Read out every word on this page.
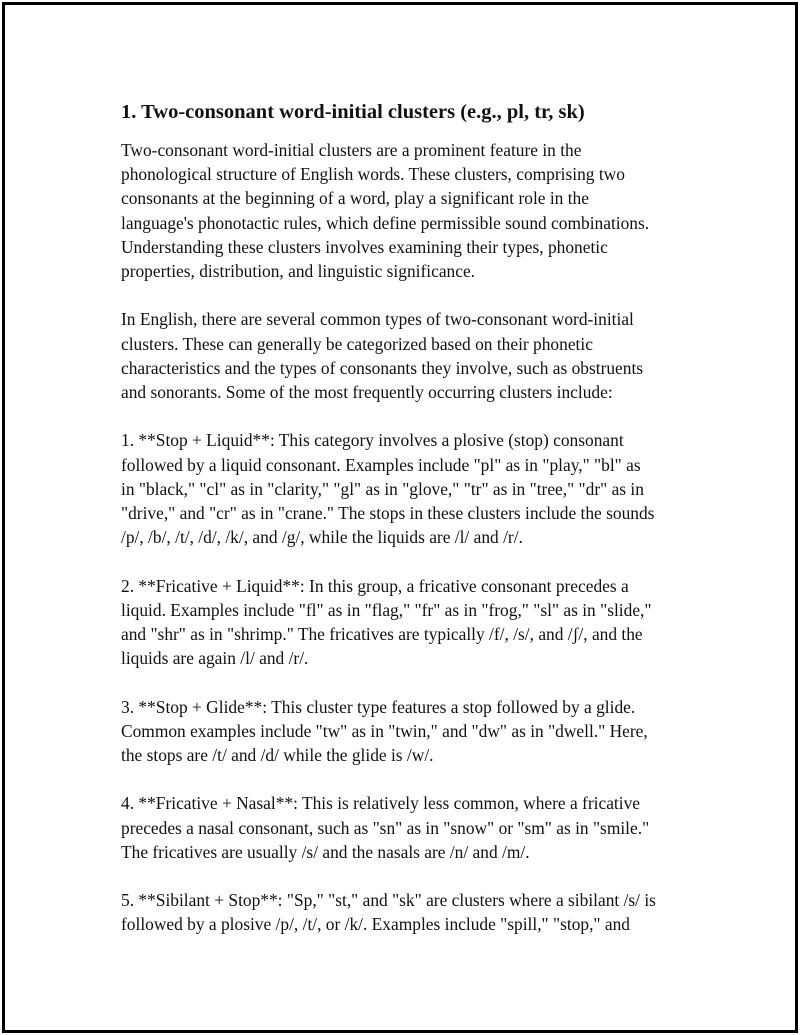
1. Two-consonant word-initial clusters (e.g., pl, tr, sk)
Two-consonant word-initial clusters are a prominent feature in the
phonological structure of English words. These clusters, comprising two
consonants at the beginning of a word, play a significant role in the
language's phonotactic rules, which define permissible sound combinations.
Understanding these clusters involves examining their types, phonetic
properties, distribution, and linguistic significance.
In English, there are several common types of two-consonant word-initial
clusters. These can generally be categorized based on their phonetic
characteristics and the types of consonants they involve, such as obstruents
and sonorants. Some of the most frequently occurring clusters include:
1. **Stop + Liquid**: This category involves a plosive (stop) consonant
followed by a liquid consonant. Examples include "pl" as in "play," "bl" as
in "black," "cl" as in "clarity," "gl" as in "glove," "tr" as in "tree," "dr" as in
"drive," and "cr" as in "crane." The stops in these clusters include the sounds
/p/, /b/, /t/, /d/, /k/, and /g/, while the liquids are /l/ and /r/.
2. **Fricative + Liquid**: In this group, a fricative consonant precedes a
liquid. Examples include "fl" as in "flag," "fr" as in "frog," "sl" as in "slide,"
and "shr" as in "shrimp." The fricatives are typically /f/, /s/, and /ʃ/, and the
liquids are again /l/ and /r/.
3. **Stop + Glide**: This cluster type features a stop followed by a glide.
Common examples include "tw" as in "twin," and "dw" as in "dwell." Here,
the stops are /t/ and /d/ while the glide is /w/.
4. **Fricative + Nasal**: This is relatively less common, where a fricative
precedes a nasal consonant, such as "sn" as in "snow" or "sm" as in "smile."
The fricatives are usually /s/ and the nasals are /n/ and /m/.
5. **Sibilant + Stop**: "Sp," "st," and "sk" are clusters where a sibilant /s/ is
followed by a plosive /p/, /t/, or /k/. Examples include "spill," "stop," and
